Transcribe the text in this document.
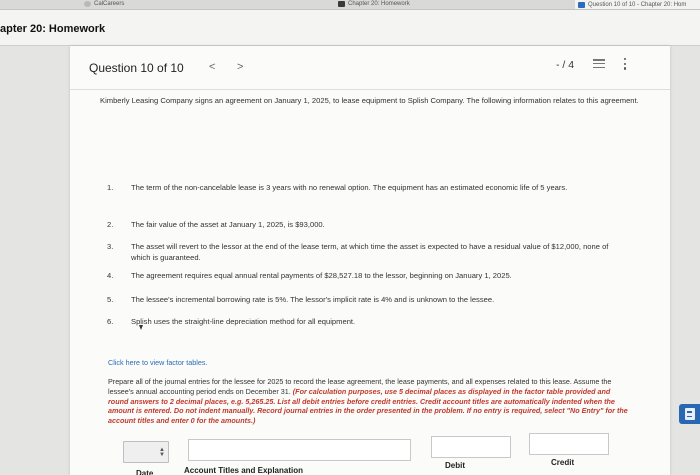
CalCareers	Chapter 20: Homework	Question 10 of 10 - Chapter 20: Hom
apter 20: Homework
Question 10 of 10 < >	- / 4
Kimberly Leasing Company signs an agreement on January 1, 2025, to lease equipment to Splish Company. The following information relates to this agreement.
1.	The term of the non-cancelable lease is 3 years with no renewal option. The equipment has an estimated economic life of 5 years.
2.	The fair value of the asset at January 1, 2025, is $93,000.
3.	The asset will revert to the lessor at the end of the lease term, at which time the asset is expected to have a residual value of $12,000, none of which is guaranteed.
4.	The agreement requires equal annual rental payments of $28,527.18 to the lessor, beginning on January 1, 2025.
5.	The lessee's incremental borrowing rate is 5%. The lessor's implicit rate is 4% and is unknown to the lessee.
6.	Splish uses the straight-line depreciation method for all equipment.
Click here to view factor tables.
Prepare all of the journal entries for the lessee for 2025 to record the lease agreement, the lease payments, and all expenses related to this lease. Assume the lessee's annual accounting period ends on December 31. (For calculation purposes, use 5 decimal places as displayed in the factor table provided and round answers to 2 decimal places, e.g. 5,265.25. List all debit entries before credit entries. Credit account titles are automatically indented when the amount is entered. Do not indent manually. Record journal entries in the order presented in the problem. If no entry is required, select "No Entry" for the account titles and enter 0 for the amounts.)
Date	Account Titles and Explanation
Debit	Credit
▲
▼
